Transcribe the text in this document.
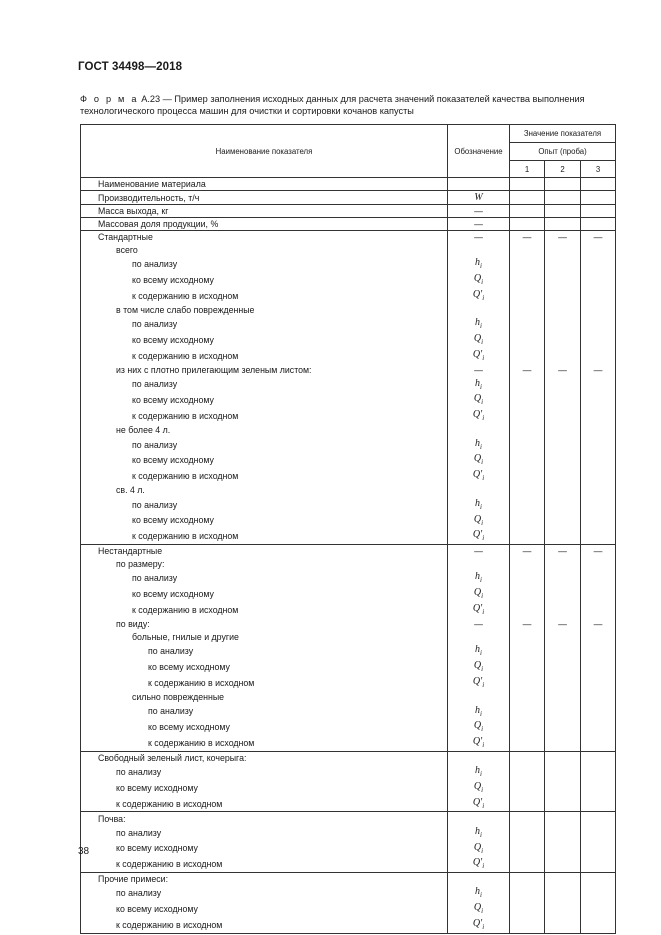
ГОСТ 34498—2018
Ф о р м а А.23 — Пример заполнения исходных данных для расчета значений показателей качества выполнения технологического процесса машин для очистки и сортировки кочанов капусты
Наименование показателя	Обозначение	Значение показателя		
		Опыт (проба)		
		1	2	3
Наименование материала				
Производительность, т/ч	W			
Масса выхода, кг	—			
Массовая доля продукции, %	—			
Стандартные	—	—	—	—
всего				
по анализу	$h_i$			
ко всему исходному	$Q_i$			
к содержанию в исходном	$Q'_i$			
в том числе слабо поврежденные				
по анализу	$h_i$			
ко всему исходному	$Q_i$			
к содержанию в исходном	$Q'_i$			
из них с плотно прилегающим зеленым листом:	—	—	—	—
по анализу	$h_i$			
ко всему исходному	$Q_i$			
к содержанию в исходном	$Q'_i$			
не более 4 л.				
по анализу	$h_i$			
ко всему исходному	$Q_i$			
к содержанию в исходном	$Q'_i$			
св. 4 л.				
по анализу	$h_i$			
ко всему исходному	$Q_i$			
к содержанию в исходном	$Q'_i$			
Нестандартные	—	—	—	—
по размеру:				
по анализу	$h_i$			
ко всему исходному	$Q_i$			
к содержанию в исходном	$Q'_i$			
по виду:	—	—	—	—
больные, гнилые и другие				
по анализу	$h_i$			
ко всему исходному	$Q_i$			
к содержанию в исходном	$Q'_i$			
сильно поврежденные				
по анализу	$h_i$			
ко всему исходному	$Q_i$			
к содержанию в исходном	$Q'_i$			
Свободный зеленый лист, кочерыга:				
по анализу	$h_i$			
ко всему исходному	$Q_i$			
к содержанию в исходном	$Q'_i$			
Почва:				
по анализу	$h_i$			
ко всему исходному	$Q_i$			
к содержанию в исходном	$Q'_i$			
Прочие примеси:				
по анализу	$h_i$			
ко всему исходному	$Q_i$			
к содержанию в исходном	$Q'_i$			
38
